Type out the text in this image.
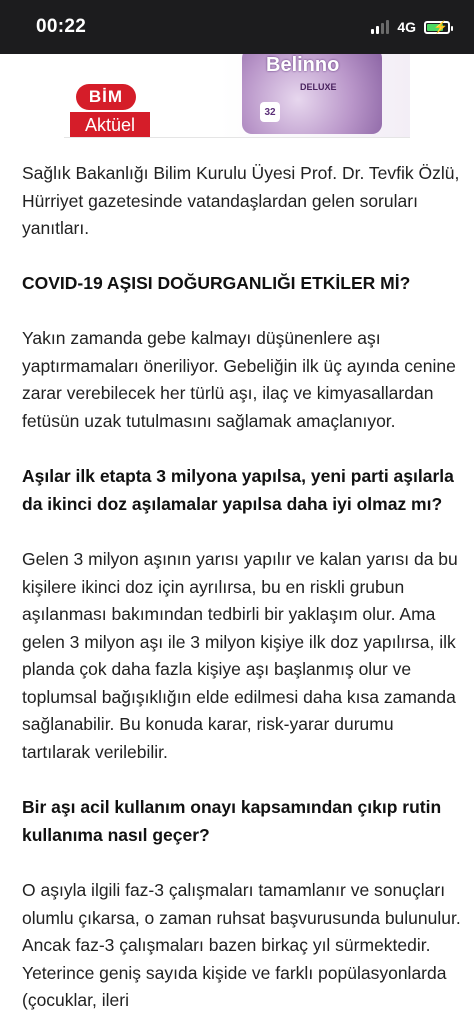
00:22	4G ⚡
BİM
Aktüel
Belinno
DELUXE
32

Sağlık Bakanlığı Bilim Kurulu Üyesi Prof. Dr. Tevfik Özlü, Hürriyet gazetesinde vatandaşlardan gelen soruları yanıtları.

COVID-19 AŞISI DOĞURGANLIĞI ETKİLER Mİ?

Yakın zamanda gebe kalmayı düşünenlere aşı yaptırmamaları öneriliyor. Gebeliğin ilk üç ayında cenine zarar verebilecek her türlü aşı, ilaç ve kimyasallardan fetüsün uzak tutulmasını sağlamak amaçlanıyor.

Aşılar ilk etapta 3 milyona yapılsa, yeni parti aşılarla da ikinci doz aşılamalar yapılsa daha iyi olmaz mı?

Gelen 3 milyon aşının yarısı yapılır ve kalan yarısı da bu kişilere ikinci doz için ayrılırsa, bu en riskli grubun aşılanması bakımından tedbirli bir yaklaşım olur. Ama gelen 3 milyon aşı ile 3 milyon kişiye ilk doz yapılırsa, ilk planda çok daha fazla kişiye aşı başlanmış olur ve toplumsal bağışıklığın elde edilmesi daha kısa zamanda sağlanabilir. Bu konuda karar, risk-yarar durumu tartılarak verilebilir.

Bir aşı acil kullanım onayı kapsamından çıkıp rutin kullanıma nasıl geçer?

O aşıyla ilgili faz-3 çalışmaları tamamlanır ve sonuçları olumlu çıkarsa, o zaman ruhsat başvurusunda bulunulur. Ancak faz-3 çalışmaları bazen birkaç yıl sürmektedir. Yeterince geniş sayıda kişide ve farklı popülasyonlarda (çocuklar, ileri
